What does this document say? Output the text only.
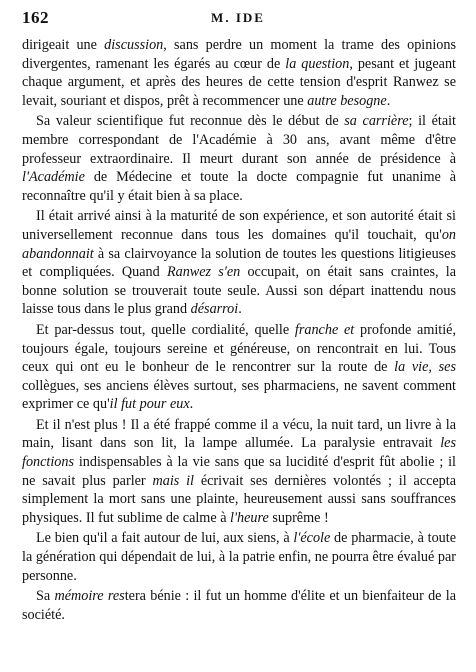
162	M. IDE

dirigeait une discussion, sans perdre un moment la trame des opinions divergentes, ramenant les égarés au cœur de la question, pesant et jugeant chaque argument, et après des heures de cette tension d'esprit Ranwez se levait, souriant et dispos, prêt à recommencer une autre besogne.

Sa valeur scientifique fut reconnue dès le début de sa carrière; il était membre correspondant de l'Académie à 30 ans, avant même d'être professeur extraordinaire. Il meurt durant son année de présidence à l'Académie de Médecine et toute la docte compagnie fut unanime à reconnaître qu'il y était bien à sa place.

Il était arrivé ainsi à la maturité de son expérience, et son autorité était si universellement reconnue dans tous les domaines qu'il touchait, qu'on abandonnait à sa clairvoyance la solution de toutes les questions litigieuses et compliquées. Quand Ranwez s'en occupait, on était sans craintes, la bonne solution se trouverait toute seule. Aussi son départ inattendu nous laisse tous dans le plus grand désarroi.

Et par-dessus tout, quelle cordialité, quelle franche et profonde amitié, toujours égale, toujours sereine et généreuse, on rencontrait en lui. Tous ceux qui ont eu le bonheur de le rencontrer sur la route de la vie, ses collègues, ses anciens élèves surtout, ses pharmaciens, ne savent comment exprimer ce qu'il fut pour eux.

Et il n'est plus ! Il a été frappé comme il a vécu, la nuit tard, un livre à la main, lisant dans son lit, la lampe allumée. La paralysie entravait les fonctions indispensables à la vie sans que sa lucidité d'esprit fût abolie ; il ne savait plus parler mais il écrivait ses dernières volontés ; il accepta simplement la mort sans une plainte, heureusement aussi sans souffrances physiques. Il fut sublime de calme à l'heure suprême !

Le bien qu'il a fait autour de lui, aux siens, à l'école de pharmacie, à toute la génération qui dépendait de lui, à la patrie enfin, ne pourra être évalué par personne.

Sa mémoire restera bénie : il fut un homme d'élite et un bienfaiteur de la société.
